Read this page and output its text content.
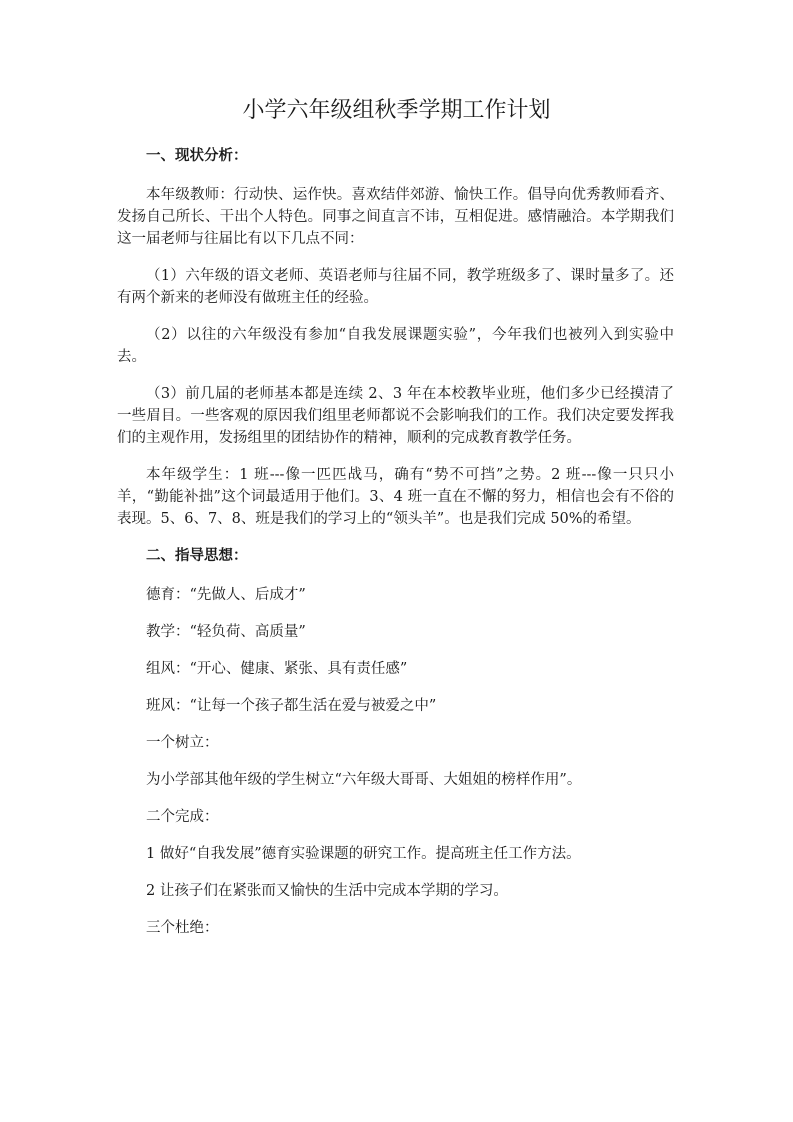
小学六年级组秋季学期工作计划

一、现状分析：

本年级教师：行动快、运作快。喜欢结伴郊游、愉快工作。倡导向优秀教师看齐、发扬自己所长、干出个人特色。同事之间直言不讳，互相促进。感情融洽。本学期我们这一届老师与往届比有以下几点不同：

（1）六年级的语文老师、英语老师与往届不同，教学班级多了、课时量多了。还有两个新来的老师没有做班主任的经验。

（2）以往的六年级没有参加“自我发展课题实验”，今年我们也被列入到实验中去。

（3）前几届的老师基本都是连续 2、3 年在本校教毕业班，他们多少已经摸清了一些眉目。一些客观的原因我们组里老师都说不会影响我们的工作。我们决定要发挥我们的主观作用，发扬组里的团结协作的精神，顺利的完成教育教学任务。

本年级学生：1 班---像一匹匹战马，确有“势不可挡”之势。2 班---像一只只小羊，“勤能补拙”这个词最适用于他们。3、4 班一直在不懈的努力，相信也会有不俗的表现。5、6、7、8、班是我们的学习上的“领头羊”。也是我们完成 50%的希望。

二、指导思想：

德育：“先做人、后成才”

教学：“轻负荷、高质量”

组风：“开心、健康、紧张、具有责任感”

班风：“让每一个孩子都生活在爱与被爱之中”

一个树立：

为小学部其他年级的学生树立“六年级大哥哥、大姐姐的榜样作用”。

二个完成：

1 做好“自我发展”德育实验课题的研究工作。提高班主任工作方法。

2 让孩子们在紧张而又愉快的生活中完成本学期的学习。

三个杜绝：
